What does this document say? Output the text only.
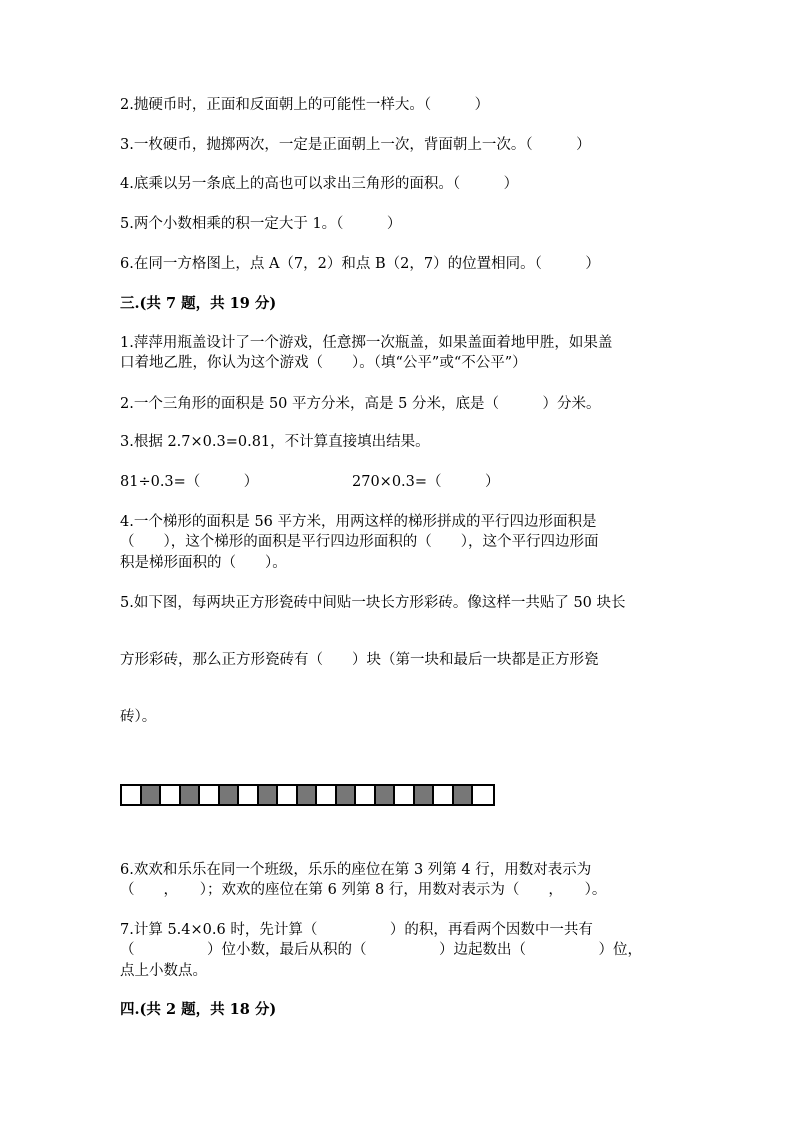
2.抛硬币时，正面和反面朝上的可能性一样大。（　　　）
3.一枚硬币，抛掷两次，一定是正面朝上一次，背面朝上一次。（　　　）
4.底乘以另一条底上的高也可以求出三角形的面积。（　　　）
5.两个小数相乘的积一定大于 1。（　　　）
6.在同一方格图上，点 A（7，2）和点 B（2，7）的位置相同。（　　　）
三.(共 7 题，共 19 分)
1.萍萍用瓶盖设计了一个游戏，任意掷一次瓶盖，如果盖面着地甲胜，如果盖
口着地乙胜，你认为这个游戏（　　）。（填“公平”或“不公平”）
2.一个三角形的面积是 50 平方分米，高是 5 分米，底是（　　　）分米。
3.根据 2.7×0.3=0.81，不计算直接填出结果。
81÷0.3=（　　　）	270×0.3=（　　　）
4.一个梯形的面积是 56 平方米，用两这样的梯形拼成的平行四边形面积是
（　　），这个梯形的面积是平行四边形面积的（　　），这个平行四边形面
积是梯形面积的（　　）。
5.如下图，每两块正方形瓷砖中间贴一块长方形彩砖。像这样一共贴了 50 块长
方形彩砖，那么正方形瓷砖有（　　）块（第一块和最后一块都是正方形瓷
砖）。
6.欢欢和乐乐在同一个班级，乐乐的座位在第 3 列第 4 行，用数对表示为
（　　，　　）；欢欢的座位在第 6 列第 8 行，用数对表示为（　　，　　）。
7.计算 5.4×0.6 时，先计算（　　　　　）的积，再看两个因数中一共有
（　　　　　）位小数，最后从积的（　　　　　）边起数出（　　　　　）位，
点上小数点。
四.(共 2 题，共 18 分)
